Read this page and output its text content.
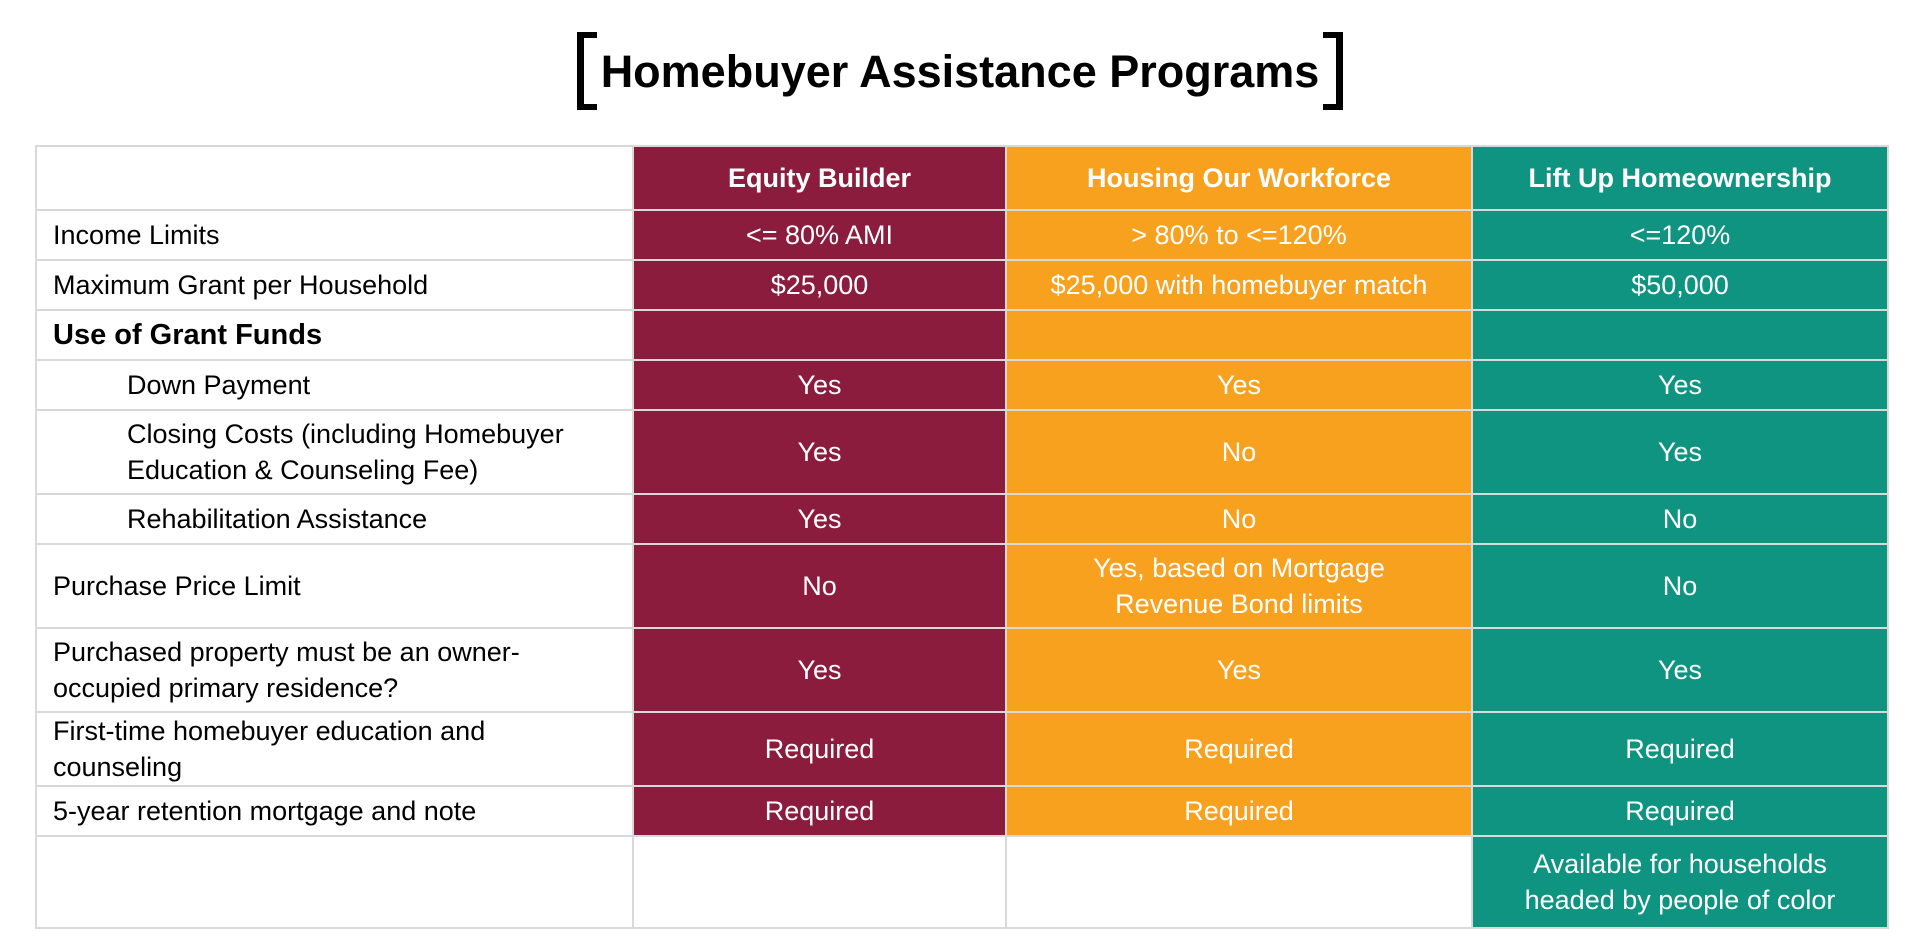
Homebuyer Assistance Programs
	Equity Builder	Housing Our Workforce	Lift Up Homeownership
Income Limits	<= 80% AMI	> 80% to <=120%	<=120%
Maximum Grant per Household	$25,000	$25,000 with homebuyer match	$50,000
Use of Grant Funds			
Down Payment	Yes	Yes	Yes
Closing Costs (including Homebuyer Education & Counseling Fee)	Yes	No	Yes
Rehabilitation Assistance	Yes	No	No
Purchase Price Limit	No	Yes, based on Mortgage Revenue Bond limits	No
Purchased property must be an owner-occupied primary residence?	Yes	Yes	Yes
First-time homebuyer education and counseling	Required	Required	Required
5-year retention mortgage and note	Required	Required	Required
			Available for households headed by people of color
